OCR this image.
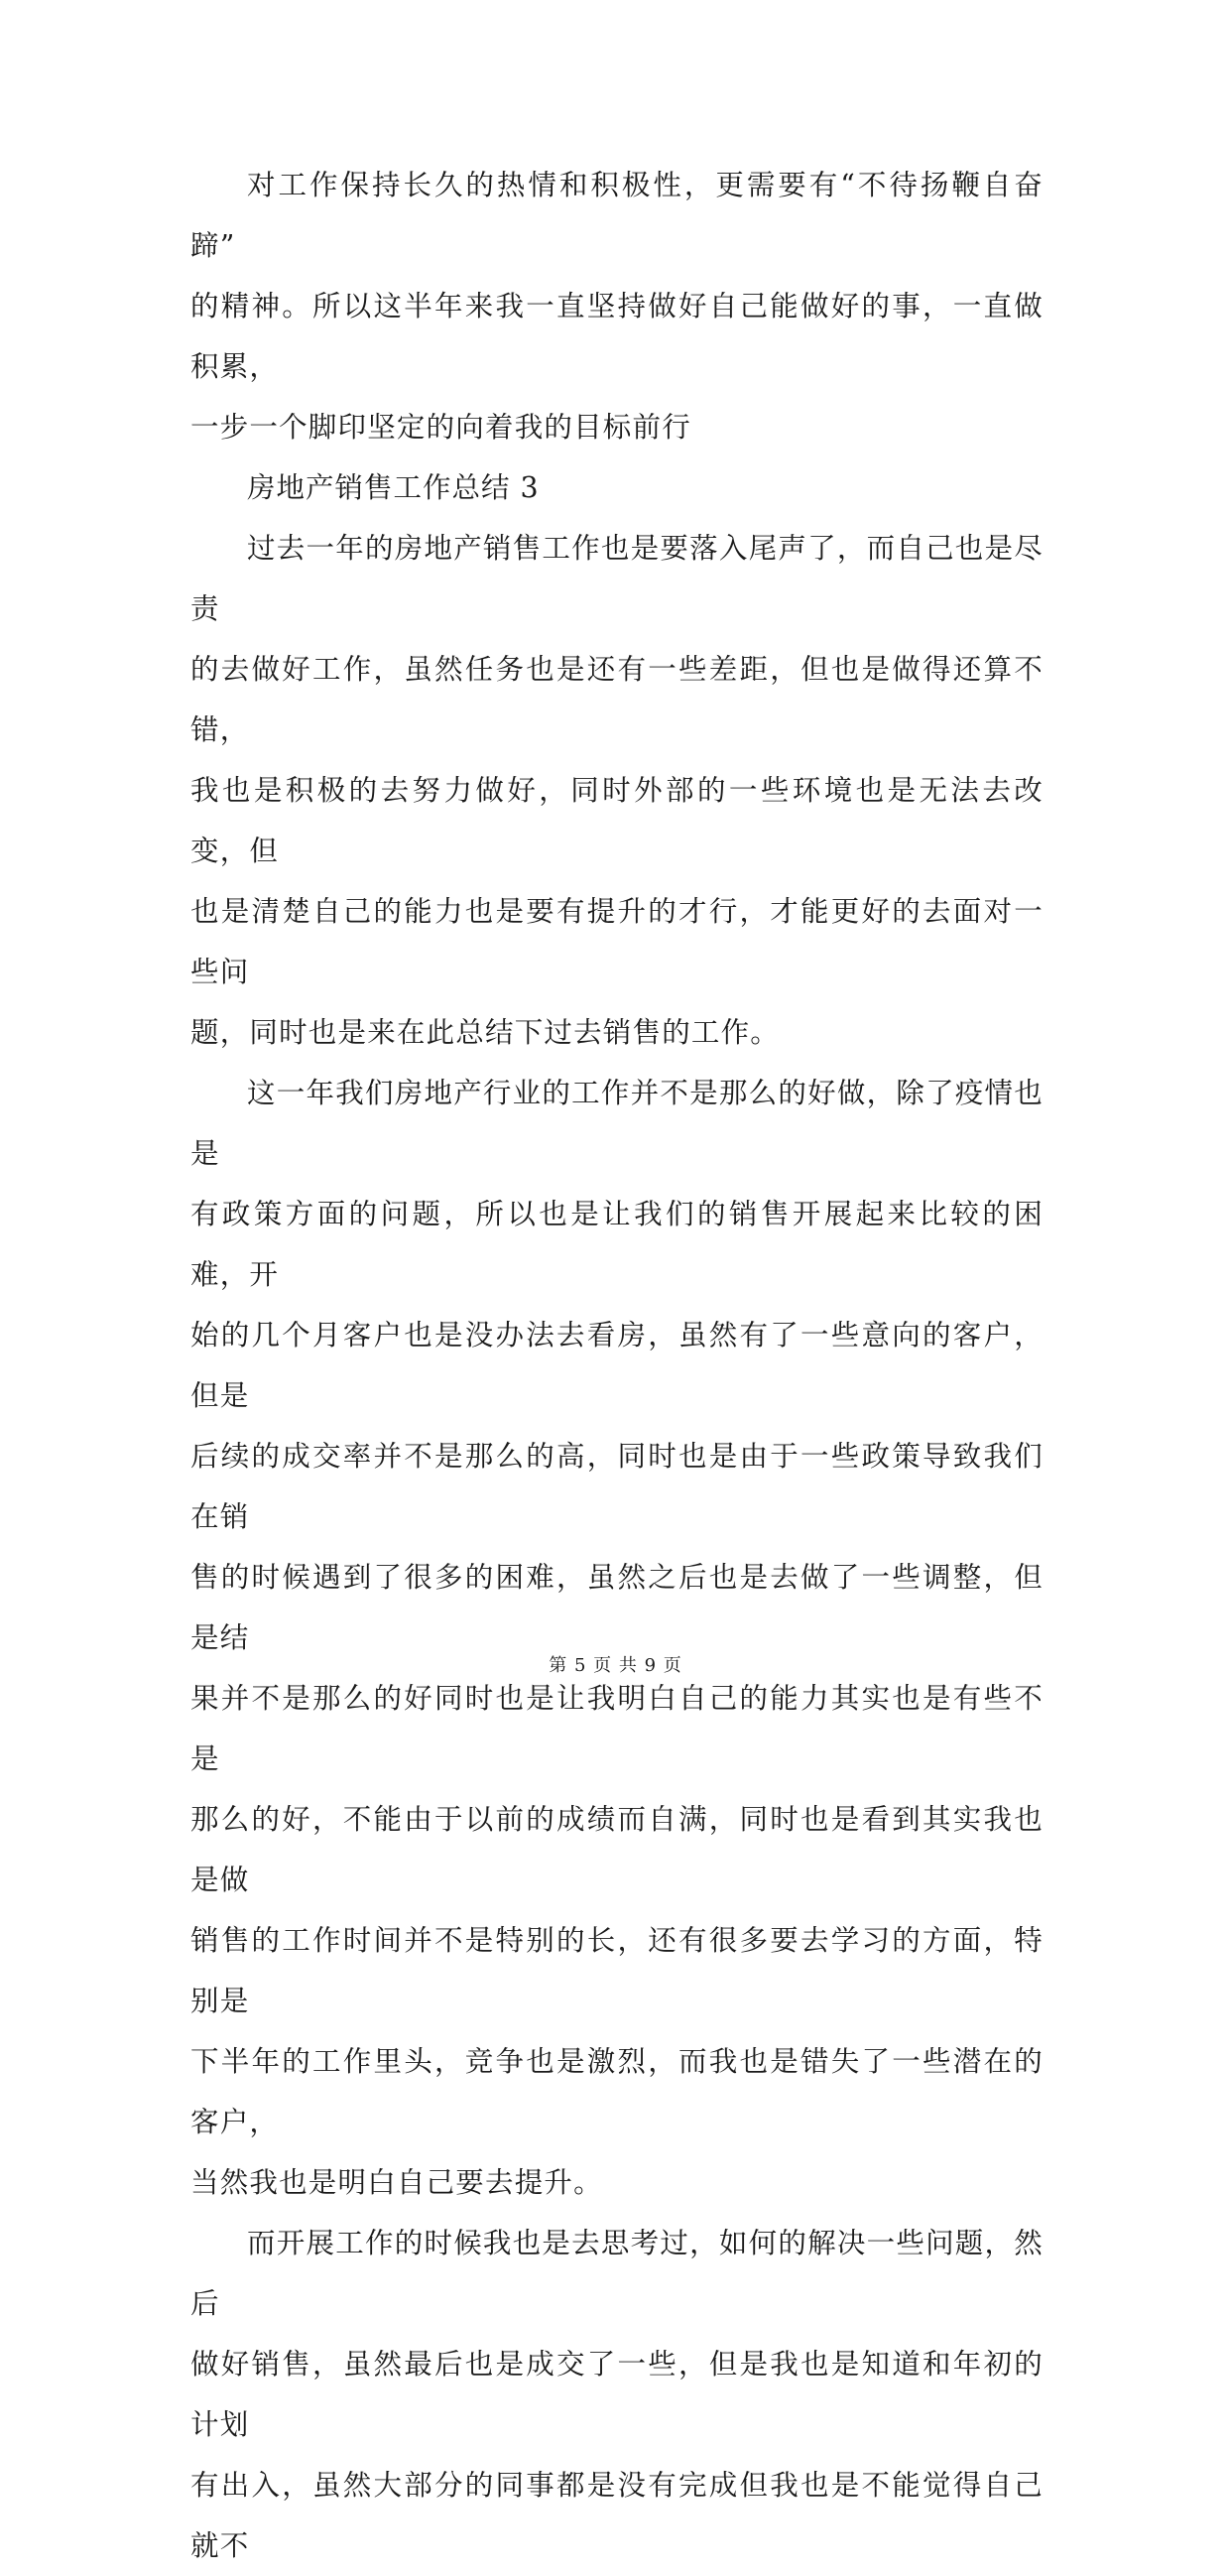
对工作保持长久的热情和积极性，更需要有“不待扬鞭自奋蹄”
的精神。所以这半年来我一直坚持做好自己能做好的事，一直做积累，
一步一个脚印坚定的向着我的目标前行

房地产销售工作总结 3

过去一年的房地产销售工作也是要落入尾声了，而自己也是尽责
的去做好工作，虽然任务也是还有一些差距，但也是做得还算不错，
我也是积极的去努力做好，同时外部的一些环境也是无法去改变，但
也是清楚自己的能力也是要有提升的才行，才能更好的去面对一些问
题，同时也是来在此总结下过去销售的工作。

这一年我们房地产行业的工作并不是那么的好做，除了疫情也是
有政策方面的问题，所以也是让我们的销售开展起来比较的困难，开
始的几个月客户也是没办法去看房，虽然有了一些意向的客户，但是
后续的成交率并不是那么的高，同时也是由于一些政策导致我们在销
售的时候遇到了很多的困难，虽然之后也是去做了一些调整，但是结
果并不是那么的好同时也是让我明白自己的能力其实也是有些不是
那么的好，不能由于以前的成绩而自满，同时也是看到其实我也是做
销售的工作时间并不是特别的长，还有很多要去学习的方面，特别是
下半年的工作里头，竞争也是激烈，而我也是错失了一些潜在的客户，
当然我也是明白自己要去提升。

而开展工作的时候我也是去思考过，如何的解决一些问题，然后
做好销售，虽然最后也是成交了一些，但是我也是知道和年初的计划
有出入，虽然大部分的同事都是没有完成但我也是不能觉得自己就不

第 5 页 共 9 页
